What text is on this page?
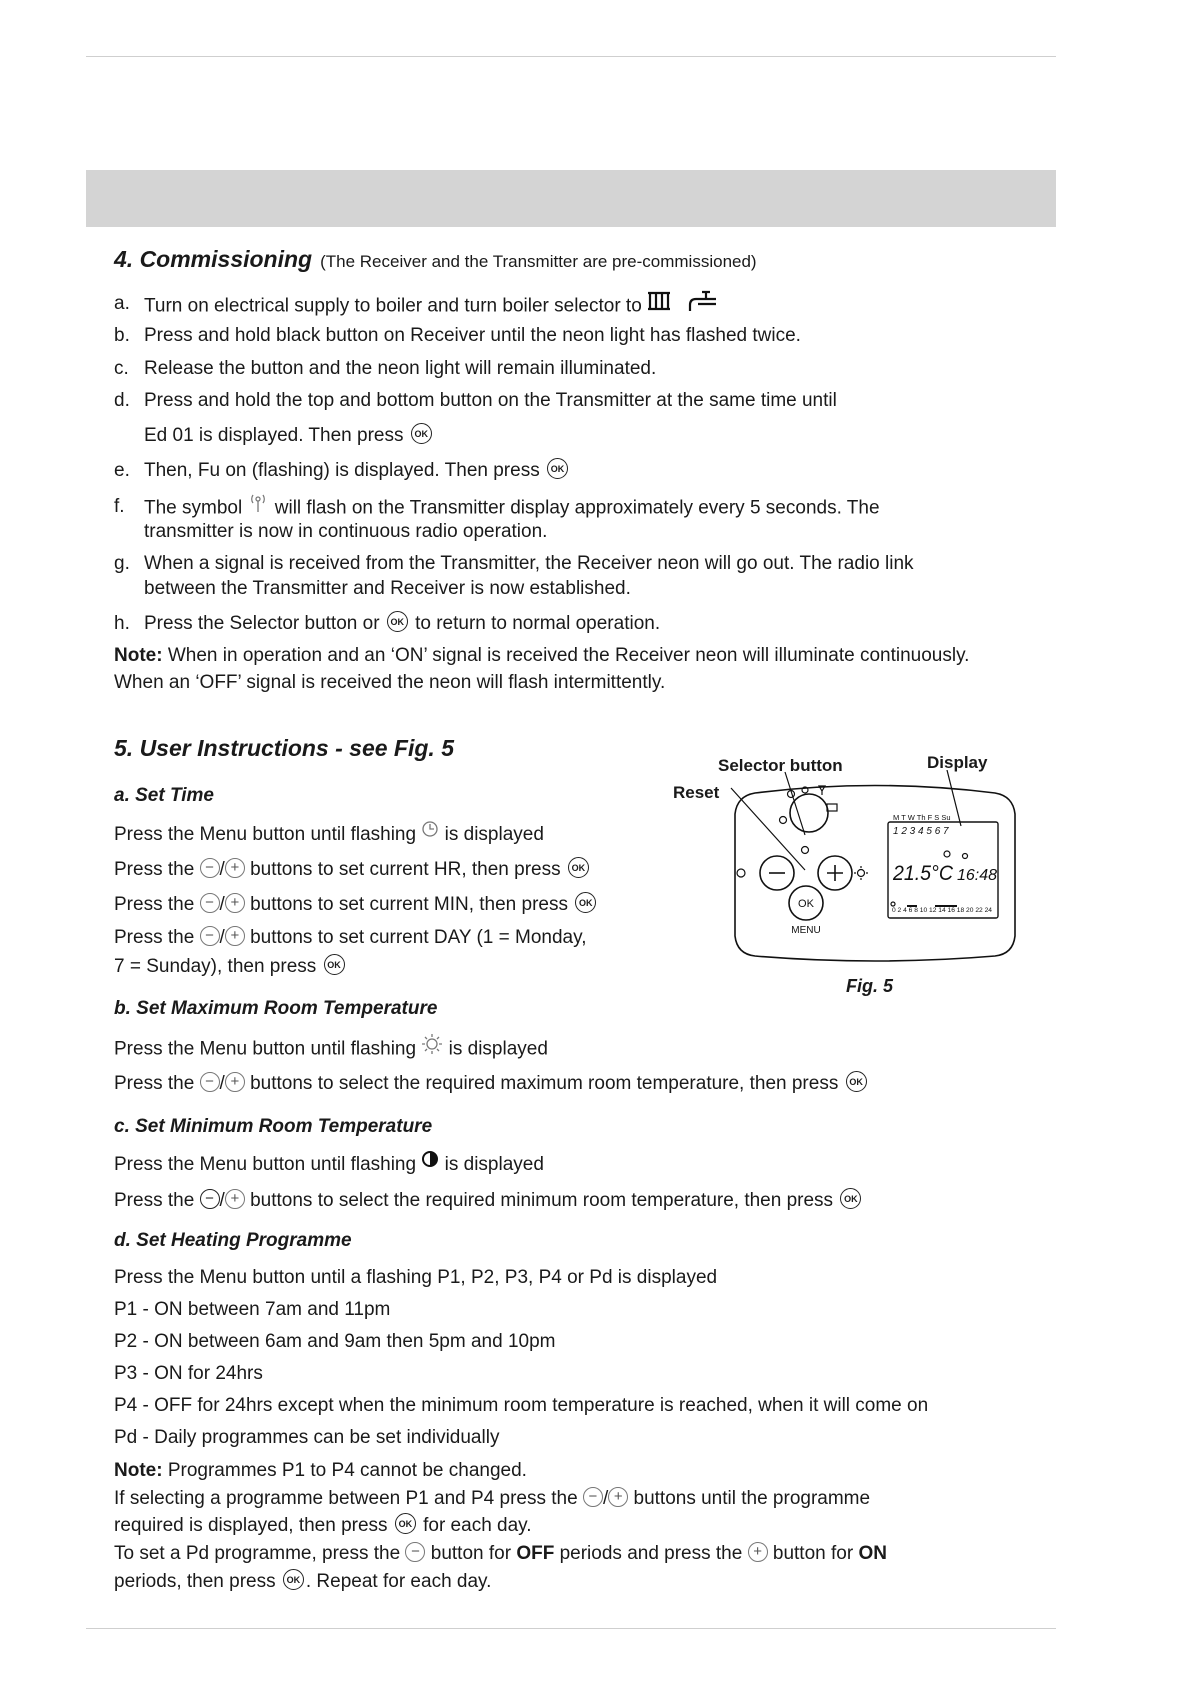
4. Commissioning (The Receiver and the Transmitter are pre-commissioned)
a. Turn on electrical supply to boiler and turn boiler selector to
b. Press and hold black button on Receiver until the neon light has flashed twice.
c. Release the button and the neon light will remain illuminated.
d. Press and hold the top and bottom button on the Transmitter at the same time until
Ed 01 is displayed. Then press OK
e. Then, Fu on (flashing) is displayed. Then press OK
f.	The symbol will flash on the Transmitter display approximately every 5 seconds. The
transmitter is now in continuous radio operation.
g. When a signal is received from the Transmitter, the Receiver neon will go out. The radio link
between the Transmitter and Receiver is now established.
h. Press the Selector button or OK to return to normal operation.
Note: When in operation and an ‘ON’ signal is received the Receiver neon will illuminate continuously.
When an ‘OFF’ signal is received the neon will flash intermittently.
5. User Instructions - see Fig. 5
a. Set Time
Press the Menu button until flashing is displayed
Press the − / + buttons to set current HR, then press OK
Press the − / + buttons to set current MIN, then press OK
Press the − / + buttons to set current DAY (1 = Monday,
7 = Sunday), then press OK
Selector button	Display
Reset
OK
MENU
M T W Th F S Su
1 2 3 4 5 6 7
21.5°C 16:48
0 2 4 6 8 10 12 14 16 18 20 22 24
Fig. 5
b. Set Maximum Room Temperature
Press the Menu button until flashing is displayed
Press the − / + buttons to select the required maximum room temperature, then press OK
c. Set Minimum Room Temperature
Press the Menu button until flashing is displayed
Press the − / + buttons to select the required minimum room temperature, then press OK
d. Set Heating Programme
Press the Menu button until a flashing P1, P2, P3, P4 or Pd is displayed
P1 - ON between 7am and 11pm
P2 - ON between 6am and 9am then 5pm and 10pm
P3 - ON for 24hrs
P4 - OFF for 24hrs except when the minimum room temperature is reached, when it will come on
Pd - Daily programmes can be set individually
Note: Programmes P1 to P4 cannot be changed.
If selecting a programme between P1 and P4 press the − / + buttons until the programme
required is displayed, then press OK for each day.
To set a Pd programme, press the − button for OFF periods and press the + button for ON
periods, then press OK . Repeat for each day.
